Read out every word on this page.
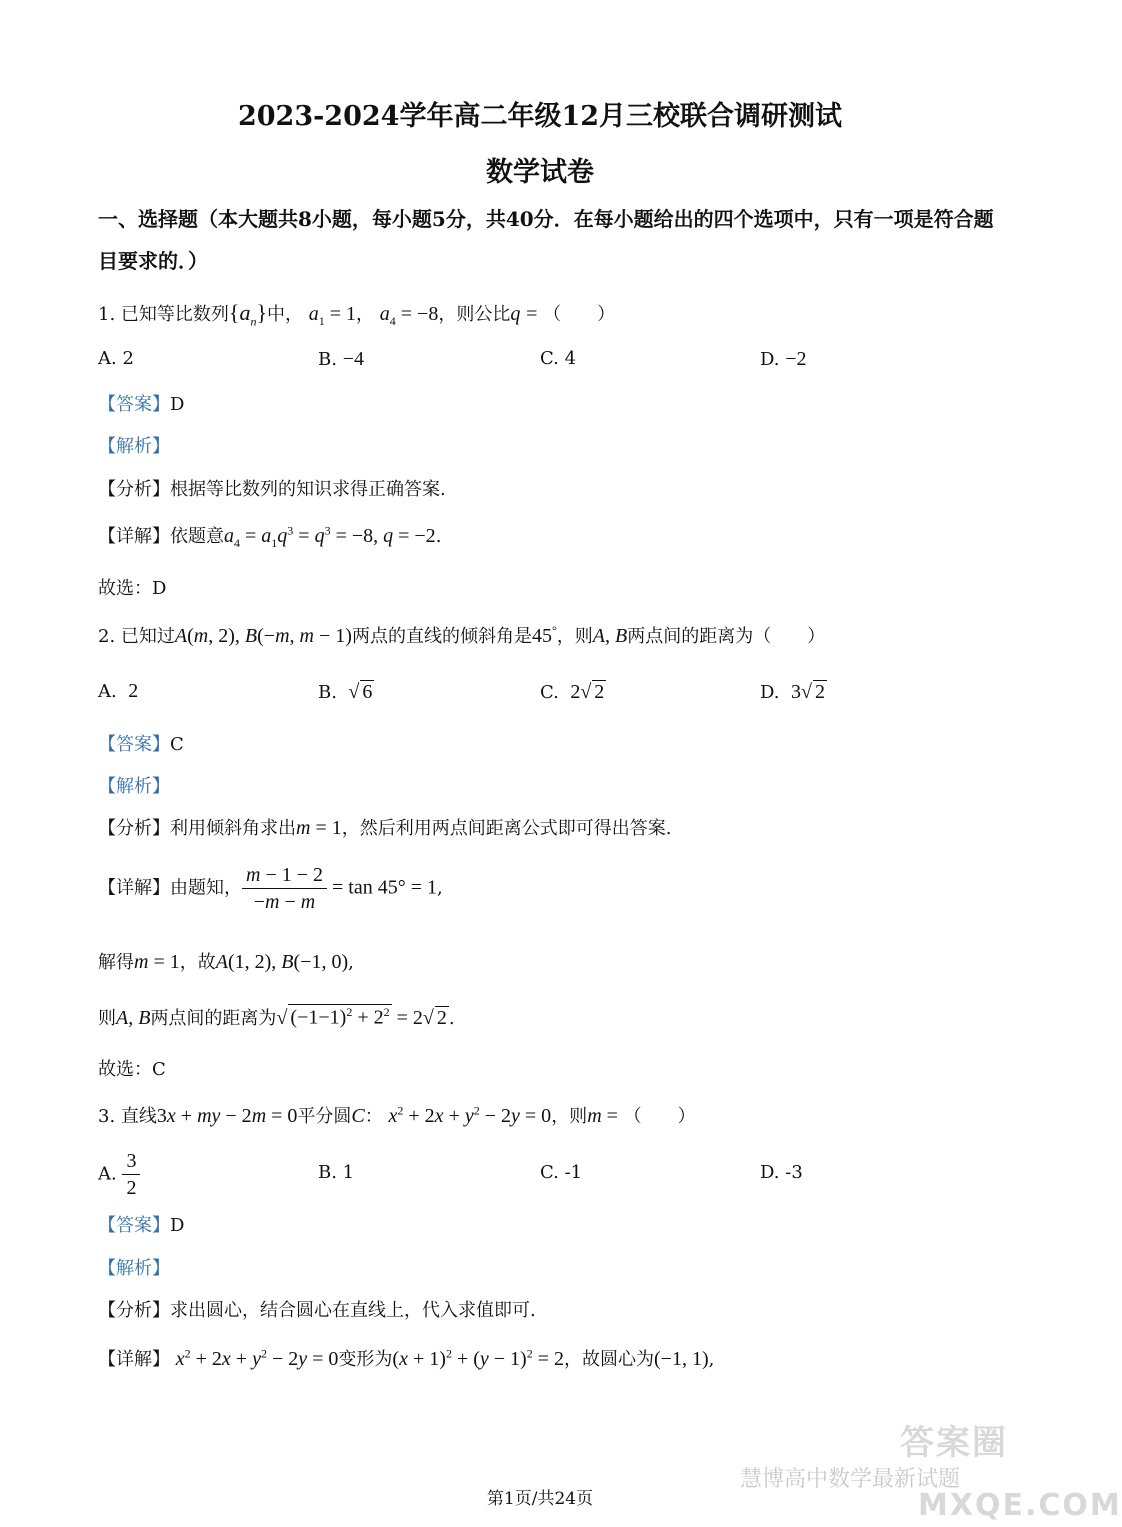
2023-2024学年高二年级12月三校联合调研测试
数学试卷
一、选择题（本大题共8小题，每小题5分，共40分．在每小题给出的四个选项中，只有一项是符合题目要求的．）
1. 已知等比数列$\{a_n\}$中， $a_1 = 1$， $a_4 = -8$，则公比q = （　　）
A. 2	B. −4	C. 4	D. −2
【答案】D
【解析】
【分析】根据等比数列的知识求得正确答案.
【详解】依题意$a_4 = a_1q^3 = q^3 = -8$, q = −2.
故选：D
2. 已知过A(m, 2), B(−m, m − 1)两点的直线的倾斜角是45°，则A, B两点间的距离为（　　）
A. 2	B. √ 6	C. 2√ 2	D. 3√ 2
【答案】C
【解析】
【分析】利用倾斜角求出m = 1，然后利用两点间距离公式即可得出答案.
【详解】由题知， $\frac{m - 1 - 2}{-m - m} = \tan 45^\circ = 1$,
解得m = 1，故A(1, 2), B(−1, 0),
则A, B两点间的距离为√ $(-1-1)^2 + 2^2 = 2√$ 2 .
故选：C
3. 直线3x + my − 2m = 0平分圆C： $x^2 + 2x + y^2 - 2y = 0$，则m = （　　）
A. $\frac{3}{2}$	B. 1	C. -1	D. -3
【答案】D
【解析】
【分析】求出圆心，结合圆心在直线上，代入求值即可.
【详解】 $x^2 + 2x + y^2 - 2y = 0$变形为$(x + 1)^2 + (y - 1)^2 = 2$，故圆心为(−1, 1),
答案圈
慧博高中数学最新试题
MXQE.COM
第1页/共24页
